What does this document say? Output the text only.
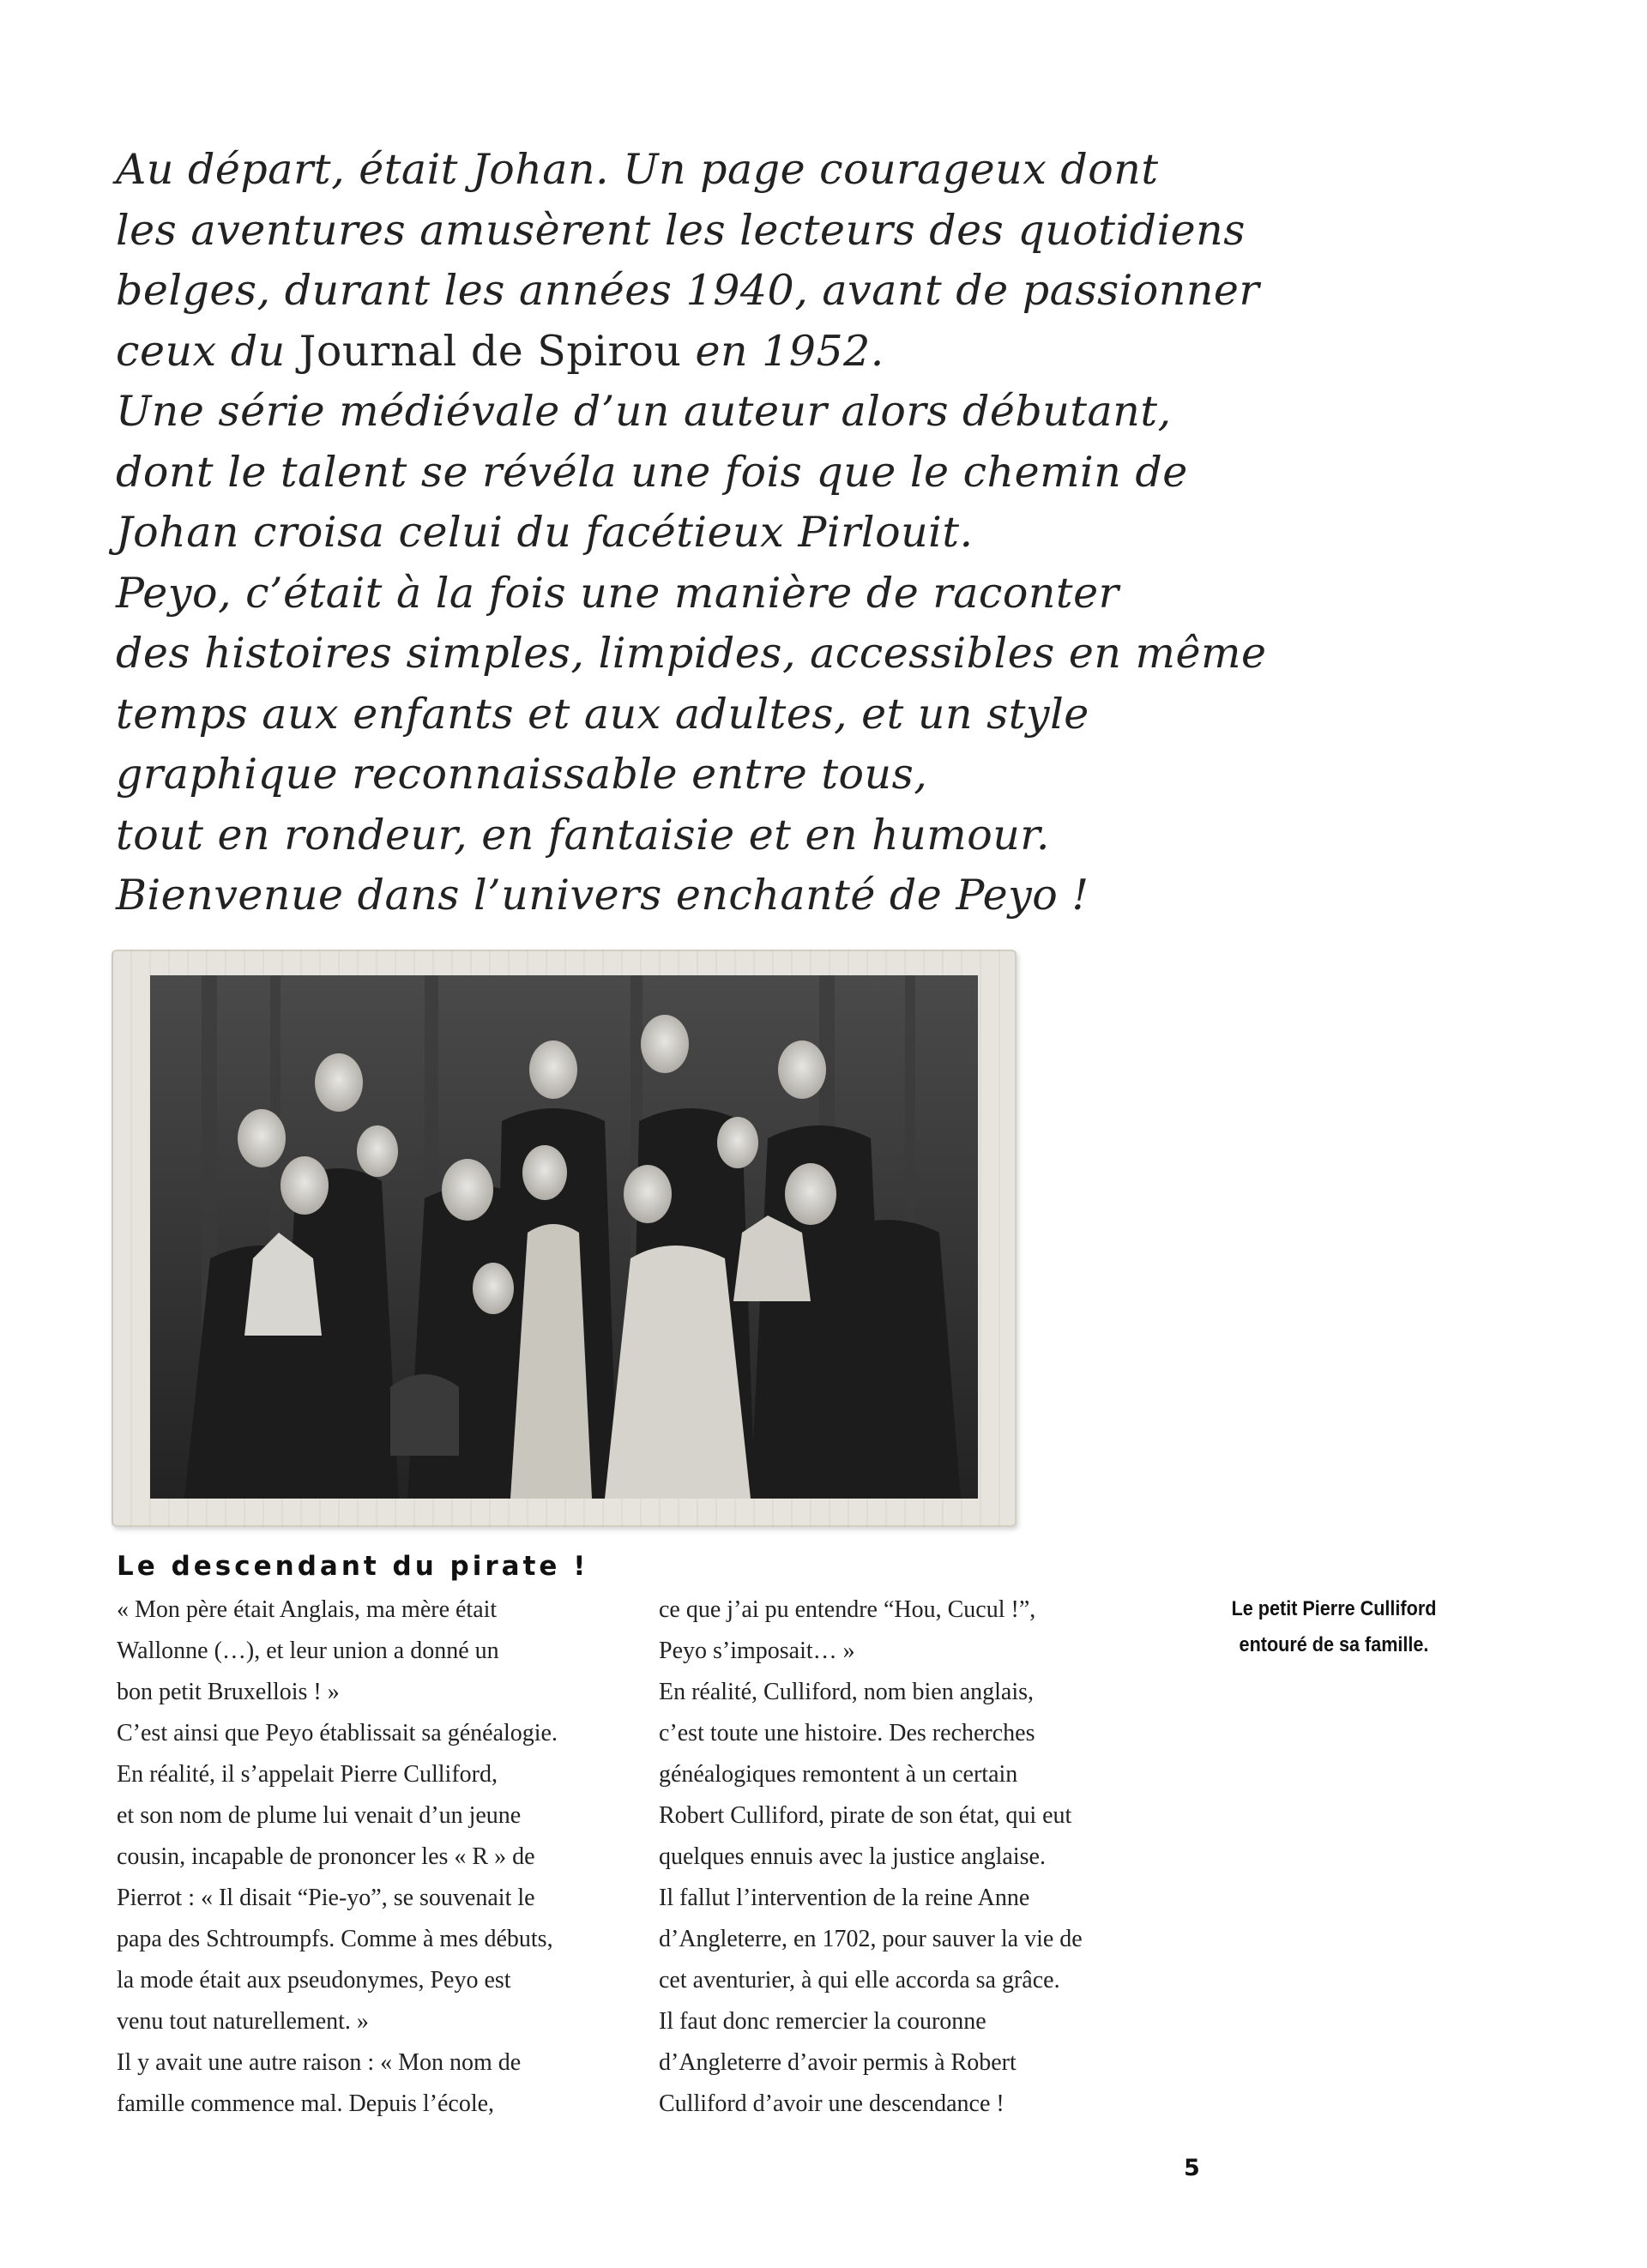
Au départ, était Johan. Un page courageux dont
les aventures amusèrent les lecteurs des quotidiens
belges, durant les années 1940, avant de passionner
ceux du Journal de Spirou en 1952.
Une série médiévale d’un auteur alors débutant,
dont le talent se révéla une fois que le chemin de
Johan croisa celui du facétieux Pirlouit.
Peyo, c’était à la fois une manière de raconter
des histoires simples, limpides, accessibles en même
temps aux enfants et aux adultes, et un style
graphique reconnaissable entre tous,
tout en rondeur, en fantaisie et en humour.
Bienvenue dans l’univers enchanté de Peyo !
Le descendant du pirate !
« Mon père était Anglais, ma mère était
Wallonne (…), et leur union a donné un
bon petit Bruxellois ! »
C’est ainsi que Peyo établissait sa généalogie.
En réalité, il s’appelait Pierre Culliford,
et son nom de plume lui venait d’un jeune
cousin, incapable de prononcer les « R » de
Pierrot : « Il disait “Pie-yo”, se souvenait le
papa des Schtroumpfs. Comme à mes débuts,
la mode était aux pseudonymes, Peyo est
venu tout naturellement. »
Il y avait une autre raison : « Mon nom de
famille commence mal. Depuis l’école,
ce que j’ai pu entendre “Hou, Cucul !”,
Peyo s’imposait… »
En réalité, Culliford, nom bien anglais,
c’est toute une histoire. Des recherches
généalogiques remontent à un certain
Robert Culliford, pirate de son état, qui eut
quelques ennuis avec la justice anglaise.
Il fallut l’intervention de la reine Anne
d’Angleterre, en 1702, pour sauver la vie de
cet aventurier, à qui elle accorda sa grâce.
Il faut donc remercier la couronne
d’Angleterre d’avoir permis à Robert
Culliford d’avoir une descendance !
Le petit Pierre Culliford
entouré de sa famille.
5
